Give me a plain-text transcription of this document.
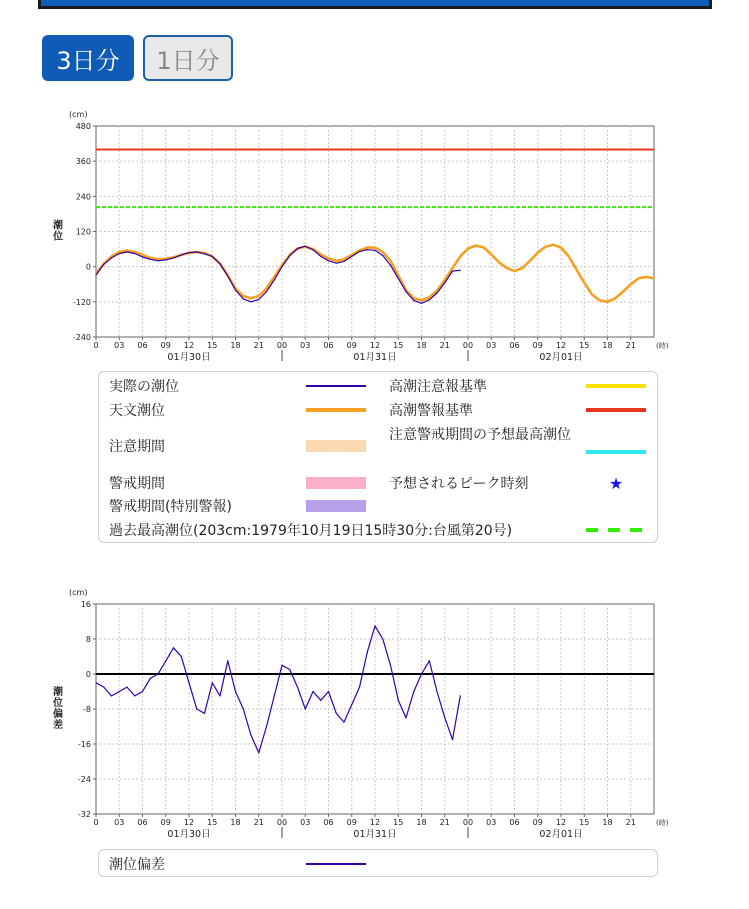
3日分	1日分
480
360
240
120
0
-120
-240
(cm)
潮
位
0 03 06 09 12 15 18 21 00 03 06 09 12 15 18 21 00 03 06 09 12 15 18 21	(時)
01月30日	01月31日	02月01日
実際の潮位	高潮注意報基準
天文潮位	高潮警報基準
注意期間
注意警戒期間の予想最高潮位
警戒期間	予想されるピーク時刻	★
警戒期間(特別警報)
過去最高潮位(203cm:1979年10月19日15時30分:台風第20号)
16
8
0
-8
-16
-24
-32
(cm)
潮
位
偏
差
0 03 06 09 12 15 18 21 00 03 06 09 12 15 18 21 00 03 06 09 12 15 18 21	(時)
01月30日	01月31日	02月01日
潮位偏差
